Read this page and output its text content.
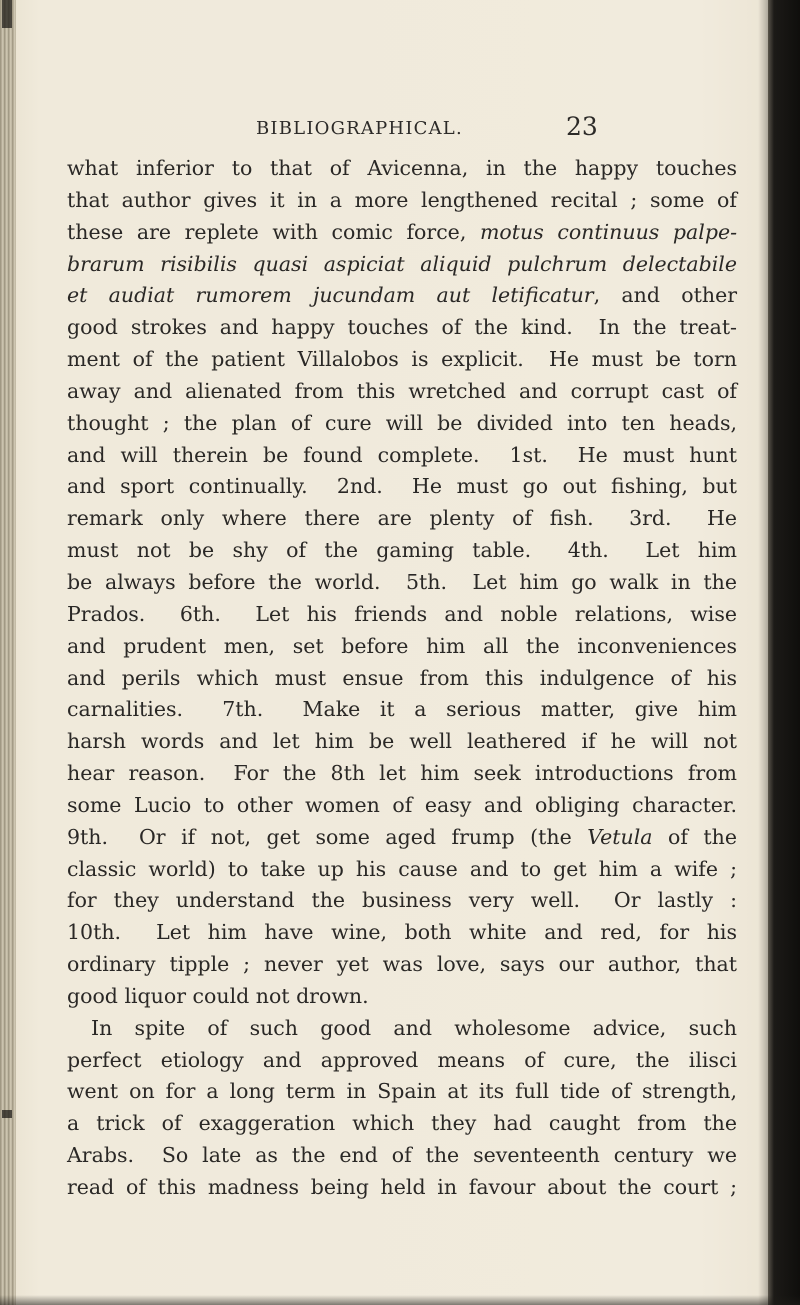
BIBLIOGRAPHICAL.	23
what inferior to that of Avicenna, in the happy touches
that author gives it in a more lengthened recital ; some of
these are replete with comic force, motus continuus palpe-
brarum risibilis quasi aspiciat aliquid pulchrum delectabile
et audiat rumorem jucundam aut letificatur, and other
good strokes and happy touches of the kind.  In the treat-
ment of the patient Villalobos is explicit.  He must be torn
away and alienated from this wretched and corrupt cast of
thought ; the plan of cure will be divided into ten heads,
and will therein be found complete.  1st.  He must hunt
and sport continually.  2nd.  He must go out fishing, but
remark only where there are plenty of fish.  3rd.  He
must not be shy of the gaming table.  4th.  Let him
be always before the world.  5th.  Let him go walk in the
Prados.  6th.  Let his friends and noble relations, wise
and prudent men, set before him all the inconveniences
and perils which must ensue from this indulgence of his
carnalities.  7th.  Make it a serious matter, give him
harsh words and let him be well leathered if he will not
hear reason.  For the 8th let him seek introductions from
some Lucio to other women of easy and obliging character.
9th.  Or if not, get some aged frump (the Vetula of the
classic world) to take up his cause and to get him a wife ;
for they understand the business very well.  Or lastly :
10th.  Let him have wine, both white and red, for his
ordinary tipple ; never yet was love, says our author, that
good liquor could not drown.
In spite of such good and wholesome advice, such
perfect etiology and approved means of cure, the ilisci
went on for a long term in Spain at its full tide of strength,
a trick of exaggeration which they had caught from the
Arabs.  So late as the end of the seventeenth century we
read of this madness being held in favour about the court ;
